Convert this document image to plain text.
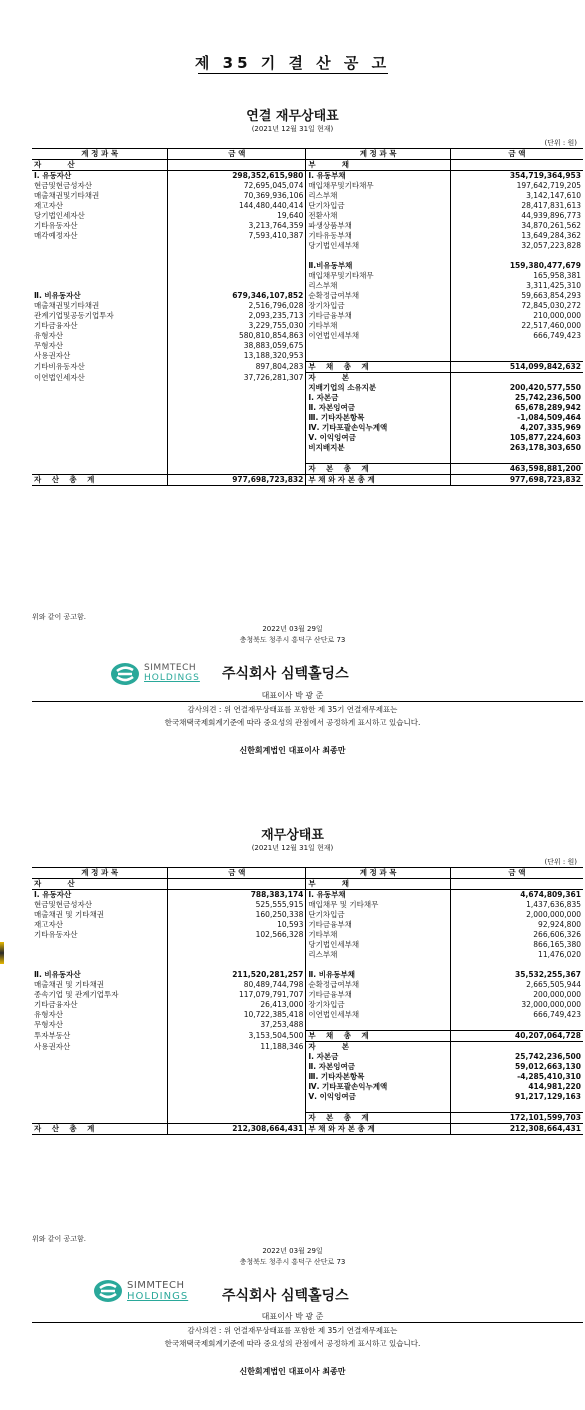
제 35 기 결 산 공 고
연결 재무상태표
(2021년 12월 31일 현재)
(단위 : 원)
계 정 과 목	금 액	계 정 과 목	금 액
자          산		부          채	
Ⅰ. 유동자산	298,352,615,980	Ⅰ. 유동부채	354,719,364,953
현금및현금성자산	72,695,045,074	매입채무및기타채무	197,642,719,205
매출채권및기타채권	70,369,936,106	리스부채	3,142,147,610
재고자산	144,480,440,414	단기차입금	28,417,831,613
당기법인세자산	19,640	전환사채	44,939,896,773
기타유동자산	3,213,764,359	파생상품부채	34,870,261,562
매각예정자산	7,593,410,387	기타유동부채	13,649,284,362
		당기법인세부채	32,057,223,828

		Ⅱ.비유동부채	159,380,477,679
		매입채무및기타채무	165,958,381
		리스부채	3,311,425,310
Ⅱ. 비유동자산	679,346,107,852	순확정급여부채	59,663,854,293
매출채권및기타채권	2,516,796,028	장기차입금	72,845,030,272
관계기업및공동기업투자	2,093,235,713	기타금융부채	210,000,000
기타금융자산	3,229,755,030	기타부채	22,517,460,000
유형자산	580,810,854,863	이연법인세부채	666,749,423
무형자산	38,883,059,675		
사용권자산	13,188,320,953		
기타비유동자산	897,804,283	부    채    총    계	514,099,842,632
이연법인세자산	37,726,281,307	자          본	
		지배기업의 소유지분	200,420,577,550
		Ⅰ. 자본금	25,742,236,500
		Ⅱ. 자본잉여금	65,678,289,942
		Ⅲ. 기타자본항목	-1,084,509,464
		Ⅳ. 기타포괄손익누계액	4,207,335,969
		Ⅴ. 이익잉여금	105,877,224,603
		비지배지분	263,178,303,650

		자    본    총    계	463,598,881,200
자    산    총    계	977,698,723,832	부 채 와 자 본 총 계	977,698,723,832
위와 같이 공고함.
2022년 03월 29일
충청북도 청주시 흥덕구 산단로 73
SIMMTECH
HOLDINGS 주식회사 심텍홀딩스
대표이사 박 광 준
감사의견 : 위 연결재무상태표를 포함한 제 35기 연결재무제표는
한국채택국제회계기준에 따라 중요성의 관점에서 공정하게 표시하고 있습니다.
신한회계법인 대표이사 최종만
재무상태표
(2021년 12월 31일 현재)
(단위 : 원)
계 정 과 목	금 액	계 정 과 목	금 액
자          산		부          채	
Ⅰ. 유동자산	788,383,174	Ⅰ. 유동부채	4,674,809,361
현금및현금성자산	525,555,915	매입채무 및 기타채무	1,437,636,835
매출채권 및 기타채권	160,250,338	단기차입금	2,000,000,000
재고자산	10,593	기타금융부채	92,924,800
기타유동자산	102,566,328	기타부채	266,606,326
		당기법인세부채	866,165,380
		리스부채	11,476,020

Ⅱ. 비유동자산	211,520,281,257	Ⅱ. 비유동부채	35,532,255,367
매출채권 및 기타채권	80,489,744,798	순확정급여부채	2,665,505,944
종속기업 및 관계기업투자	117,079,791,707	기타금융부채	200,000,000
기타금융자산	26,413,000	장기차입금	32,000,000,000
유형자산	10,722,385,418	이연법인세부채	666,749,423
무형자산	37,253,488		
투자부동산	3,153,504,500	부    채    총    계	40,207,064,728
사용권자산	11,188,346	자          본	
		Ⅰ. 자본금	25,742,236,500
		Ⅱ. 자본잉여금	59,012,663,130
		Ⅲ. 기타자본항목	-4,285,410,310
		Ⅳ. 기타포괄손익누계액	414,981,220
		Ⅴ. 이익잉여금	91,217,129,163

		자    본    총    계	172,101,599,703
자    산    총    계	212,308,664,431	부 채 와 자 본 총 계	212,308,664,431
위와 같이 공고함.
2022년 03월 29일
충청북도 청주시 흥덕구 산단로 73
SIMMTECH
HOLDINGS 주식회사 심텍홀딩스
대표이사 박 광 준
감사의견 : 위 연결재무상태표를 포함한 제 35기 연결재무제표는
한국채택국제회계기준에 따라 중요성의 관점에서 공정하게 표시하고 있습니다.
신한회계법인 대표이사 최종만
